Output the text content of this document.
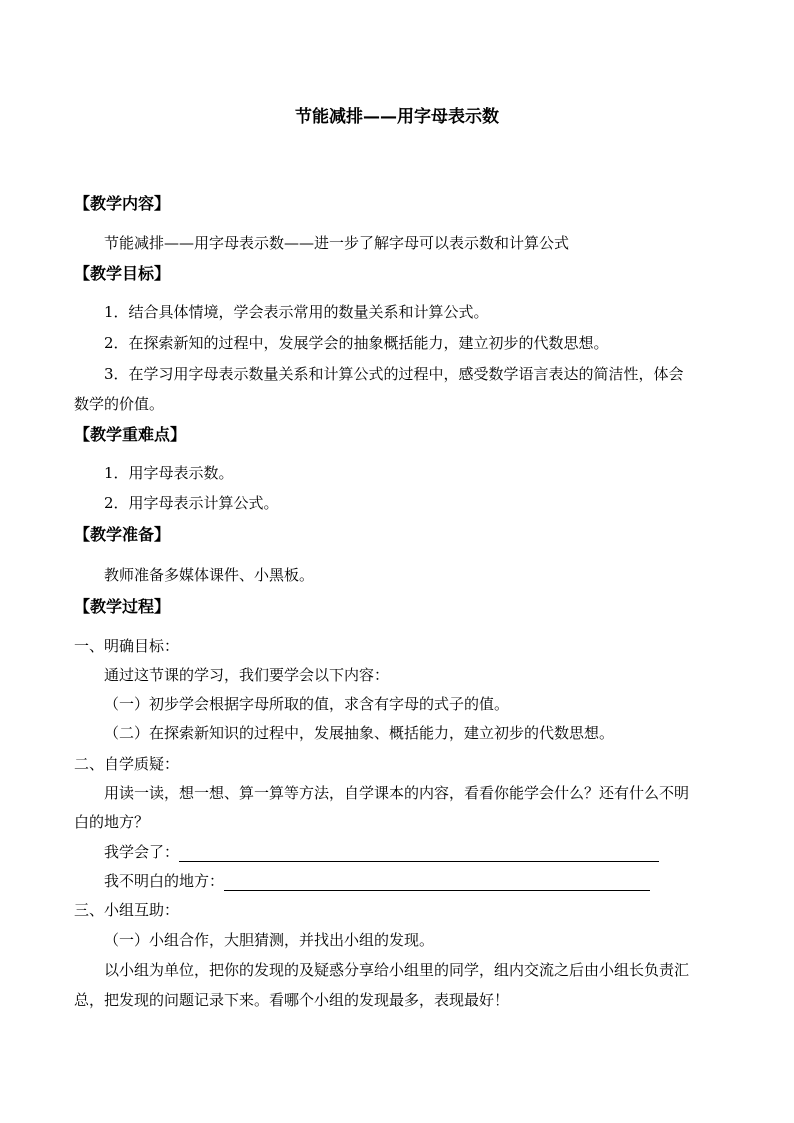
节能减排——用字母表示数
【教学内容】
节能减排——用字母表示数——进一步了解字母可以表示数和计算公式
【教学目标】
1．结合具体情境，学会表示常用的数量关系和计算公式。
2．在探索新知的过程中，发展学会的抽象概括能力，建立初步的代数思想。
3．在学习用字母表示数量关系和计算公式的过程中，感受数学语言表达的简洁性，体会
数学的价值。
【教学重难点】
1．用字母表示数。
2．用字母表示计算公式。
【教学准备】
教师准备多媒体课件、小黑板。
【教学过程】
一、明确目标：
通过这节课的学习，我们要学会以下内容：
（一）初步学会根据字母所取的值，求含有字母的式子的值。
（二）在探索新知识的过程中，发展抽象、概括能力，建立初步的代数思想。
二、自学质疑：
用读一读，想一想、算一算等方法，自学课本的内容，看看你能学会什么？还有什么不明
白的地方？
我学会了：
我不明白的地方：
三、小组互助：
（一）小组合作，大胆猜测，并找出小组的发现。
以小组为单位，把你的发现的及疑惑分享给小组里的同学，组内交流之后由小组长负责汇
总，把发现的问题记录下来。看哪个小组的发现最多，表现最好！
